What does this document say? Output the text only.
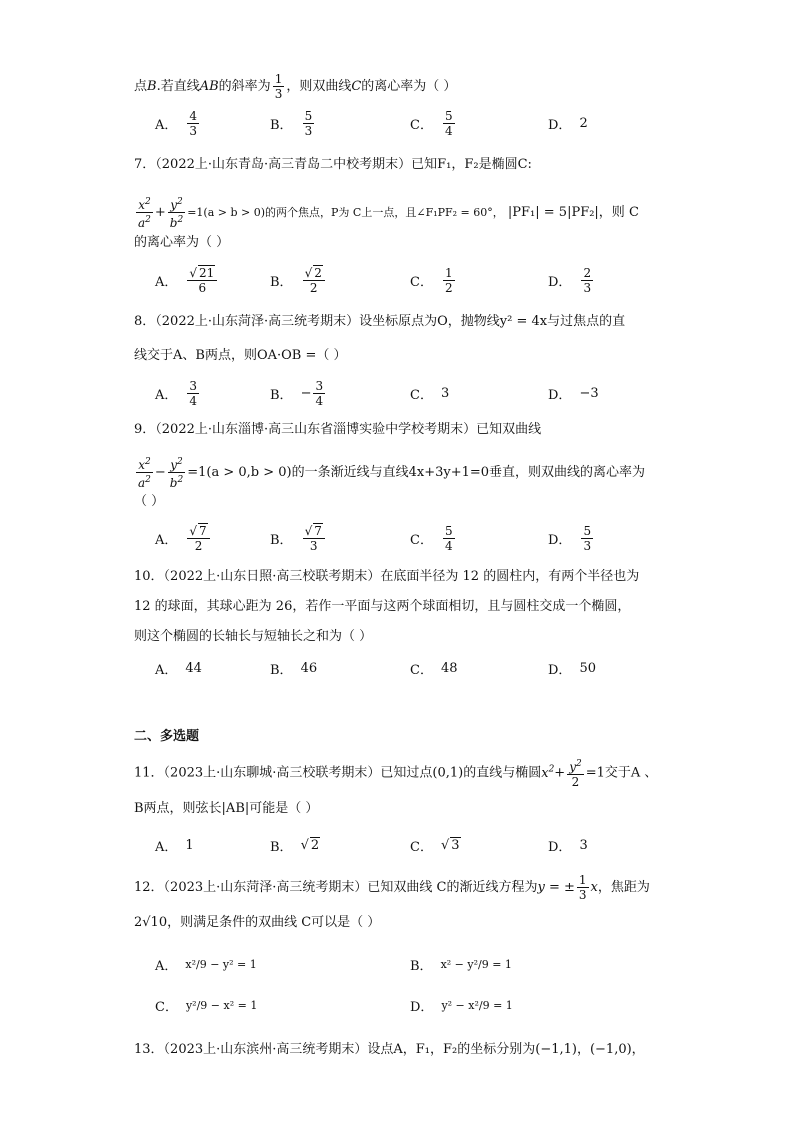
点B.若直线AB的斜率为 $\frac{1}{3}$ ，则双曲线C的离心率为（ ）
A． $\frac{4}{3}$	B． $\frac{5}{3}$	C． $\frac{5}{4}$	D． 2
7．（2022上·山东青岛·高三青岛二中校考期末）已知F₁，F₂是椭圆C:
$\frac{x^2}{a^2} + \frac{y^2}{b^2} =1(a > b > 0)$的两个焦点，P为 C上一点，且∠F₁PF₂ = 60°， |PF₁| = 5|PF₂|，则 C
的离心率为（ ）
A． $\frac{√ 21}{6}$	B． $\frac{√ 2}{2}$	C． $\frac{1}{2}$	D． $\frac{2}{3}$
8．（2022上·山东菏泽·高三统考期末）设坐标原点为O，抛物线y² = 4x与过焦点的直
线交于A、B两点，则OA·OB =（ ）
A． $\frac{3}{4}$	B． − $\frac{3}{4}$	C． 3	D． −3
9．（2022上·山东淄博·高三山东省淄博实验中学校考期末）已知双曲线
$\frac{x^2}{a^2} - \frac{y^2}{b^2} =1(a > 0,b > 0)$的一条渐近线与直线4x+3y+1=0垂直，则双曲线的离心率为
（ ）
A． $\frac{√ 7}{2}$	B． $\frac{√ 7}{3}$	C． $\frac{5}{4}$	D． $\frac{5}{3}$
10．（2022上·山东日照·高三校联考期末）在底面半径为 12 的圆柱内，有两个半径也为
12 的球面，其球心距为 26，若作一平面与这两个球面相切，且与圆柱交成一个椭圆，
则这个椭圆的长轴长与短轴长之和为（ ）
A． 44	B． 46	C． 48	D． 50
二、多选题
11．（2023上·山东聊城·高三校联考期末）已知过点(0,1)的直线与椭圆$x^2+ \frac{y^2}{2} =1$交于A 、
B两点，则弦长|AB|可能是（ ）
A． 1	B． √ 2	C． √ 3	D． 3
12．（2023上·山东菏泽·高三统考期末）已知双曲线 C的渐近线方程为y = ± $\frac{1}{3}$ x，焦距为
2√10，则满足条件的双曲线 C可以是（ ）
A． x²/9 − y² = 1	B． x² − y²/9 = 1
C． y²/9 − x² = 1	D． y² − x²/9 = 1
13．（2023上·山东滨州·高三统考期末）设点A，F₁，F₂的坐标分别为(−1,1)，(−1,0)，
